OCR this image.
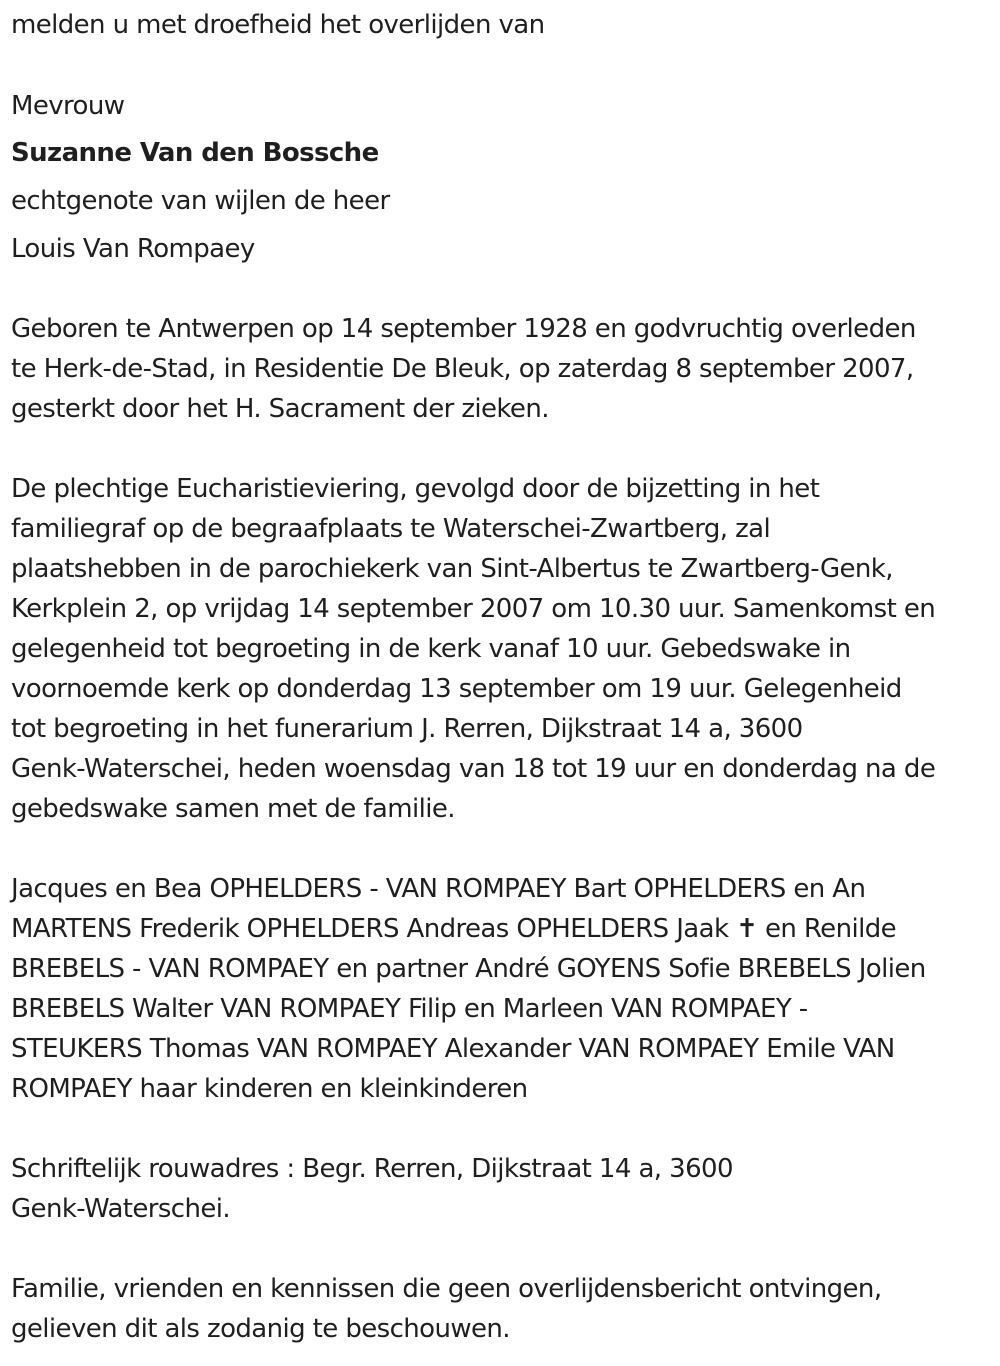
melden u met droefheid het overlijden van
Mevrouw
Suzanne Van den Bossche
echtgenote van wijlen de heer
Louis Van Rompaey
Geboren te Antwerpen op 14 september 1928 en godvruchtig overleden
te Herk-de-Stad, in Residentie De Bleuk, op zaterdag 8 september 2007,
gesterkt door het H. Sacrament der zieken.
De plechtige Eucharistieviering, gevolgd door de bijzetting in het
familiegraf op de begraafplaats te Waterschei-Zwartberg, zal
plaatshebben in de parochiekerk van Sint-Albertus te Zwartberg-Genk,
Kerkplein 2, op vrijdag 14 september 2007 om 10.30 uur. Samenkomst en
gelegenheid tot begroeting in de kerk vanaf 10 uur. Gebedswake in
voornoemde kerk op donderdag 13 september om 19 uur. Gelegenheid
tot begroeting in het funerarium J. Rerren, Dijkstraat 14 a, 3600
Genk-Waterschei, heden woensdag van 18 tot 19 uur en donderdag na de
gebedswake samen met de familie.
Jacques en Bea OPHELDERS - VAN ROMPAEY Bart OPHELDERS en An
MARTENS Frederik OPHELDERS Andreas OPHELDERS Jaak ✝ en Renilde
BREBELS - VAN ROMPAEY en partner André GOYENS Sofie BREBELS Jolien
BREBELS Walter VAN ROMPAEY Filip en Marleen VAN ROMPAEY -
STEUKERS Thomas VAN ROMPAEY Alexander VAN ROMPAEY Emile VAN
ROMPAEY haar kinderen en kleinkinderen
Schriftelijk rouwadres : Begr. Rerren, Dijkstraat 14 a, 3600
Genk-Waterschei.
Familie, vrienden en kennissen die geen overlijdensbericht ontvingen,
gelieven dit als zodanig te beschouwen.
